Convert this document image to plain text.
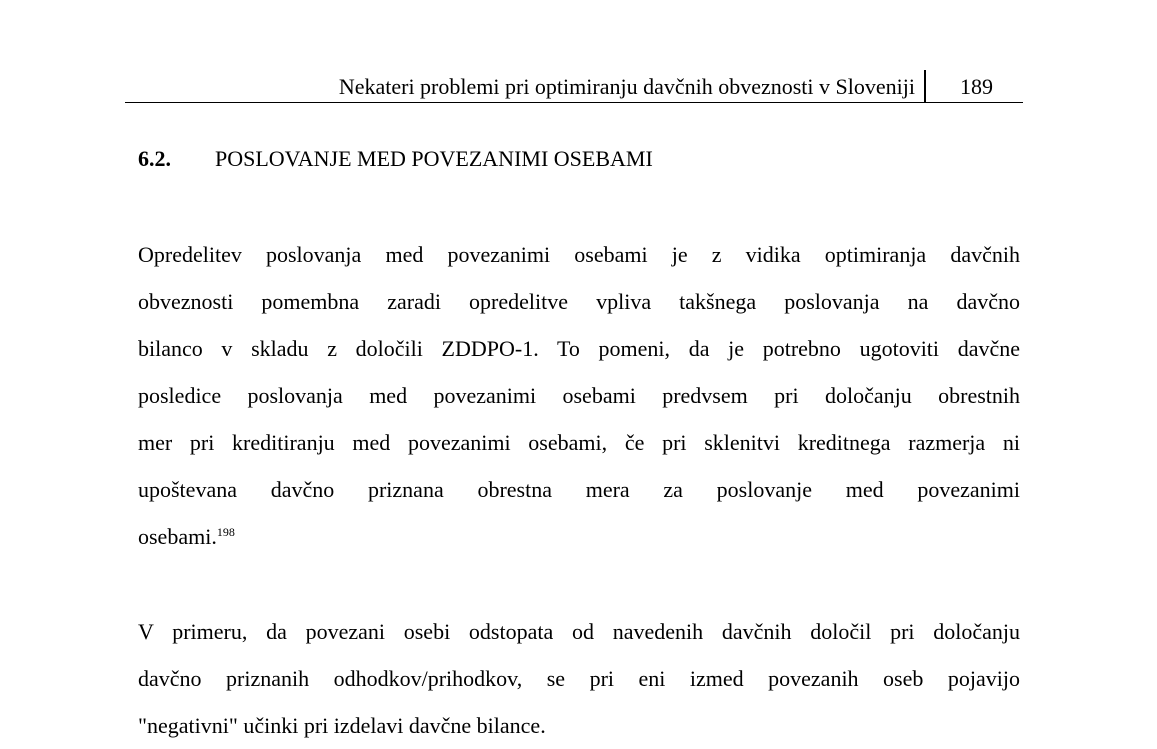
Nekateri problemi pri optimiranju davčnih obveznosti v Sloveniji 189
6.2. POSLOVANJE MED POVEZANIMI OSEBAMI
Opredelitev poslovanja med povezanimi osebami je z vidika optimiranja davčnih
obveznosti pomembna zaradi opredelitve vpliva takšnega poslovanja na davčno
bilanco v skladu z določili ZDDPO-1. To pomeni, da je potrebno ugotoviti davčne
posledice poslovanja med povezanimi osebami predvsem pri določanju obrestnih
mer pri kreditiranju med povezanimi osebami, če pri sklenitvi kreditnega razmerja ni
upoštevana davčno priznana obrestna mera za poslovanje med povezanimi
osebami.$^{198}$
V primeru, da povezani osebi odstopata od navedenih davčnih določil pri določanju
davčno priznanih odhodkov/prihodkov, se pri eni izmed povezanih oseb pojavijo
"negativni" učinki pri izdelavi davčne bilance.
